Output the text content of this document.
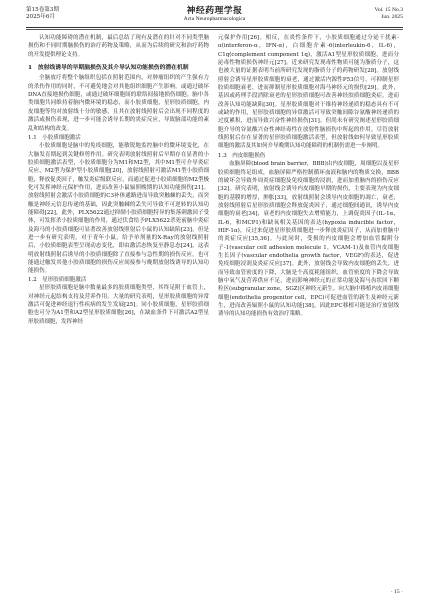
第15卷第3期
2025年6月
神经药理学报
Acta Neuropharmacologica
Vol. 15 No.3
Jun. 2025

认知功能障碍的潜在机制，最后总结了现有及潜在的针对不同类型脑损伤和不同时期脑损伤的治疗药物及策略，从而为后续的研究和治疗药物的开发提供理论支持。

1　放射线诱导的早期脑损伤及其介导认知功能损伤的潜在机制

全脑放疗将整个脑组织包括在照射范围内，对肿瘤组织的产生强有力的杀伤作用的同时，不可避免地会对其他组织细胞产生影响，或通过破坏DNA直接地损伤细胞，或通过破坏细胞间的联络间接地损伤细胞。脑中各类细胞共同维持着脑内微环境的稳态，而小胶质细胞，星形胶质细胞，内皮细胞等均对放射线十分的敏感，且其在放射线照射后会出现不同程度的激活或损伤表现，进一步可能会诱导长期的炎症反应，导致脑部功能的紊乱和结构的改变。

1.1　小胶质细胞激活

小胶质细胞是脑中的免疫细胞，能敏锐地监控脑中的微环境变化，在大脑发育期起到关键修剪作用。研究表明放射线照射后早期存在显著的小胶质细胞激活表型，小胶质细胞分为M1和M2型，其中M1型可介导炎症反应，M2型为保护型小胶质细胞[20]，放射线照射可激活M1型小胶质细胞，释放促炎因子，触发炎症级联反应，而通过促进小胶质细胞的M2型极化可发挥神经元保护作用，进而改善小鼠辐照晚期的认知功能损伤[21]。放射线照射会激活小胶质细胞的C3补体通路进而导致突触棘的丢失，而突触是神经元信息传递的基础，因此突触棘的丢失可导致不可逆转的认知功能障碍[22]，此外，PLX5622通过抑制小胶质细胞特异的集落刺激因子受体，可发挥杀小胶质细胞的作用，通过伏食给予PLX5622杀死前脑中炎症及海马的小胶质细胞可显著改善放射线照射后小鼠的认知缺陷[23]。但是进一步有研究表明，对于青年小鼠，给予单剂量的X-Ray的放射线照射后，小胶质细胞表型呈现动态变化，即由激活态恢复至静息态[24]，这表明放射线照射后诱导的小胶质细胞除了直接参与急性期的损伤反应，也可能通过触发其他小胶质细胞的损伤反应间接参与晚期放射线诱导的认知功能损伤。

1.2　星形胶质细胞激活

星形胶质细胞是脑中数量最多的胶质细胞类型，其终足附于血管上，对神经元起结构支持及营养作用。大量的研究表明，星形胶质细胞的异常激活可促进神经退行性疾病的发生发展[25]。同小胶质细胞，星形胶质细胞也可分为A1型和A2型星形胶质细胞[26]，在缺血条件下可激活A2型星形胶质细胞，发挥神经

元保护作用[26]。相反，在炎性条件下，小胶质细胞通过分泌干扰素-α(interferon-α，IFN-α)，白细胞介素-6(interleukin-6，IL-6)，C1q(complement component 1q)，激活A1型星形胶质细胞，进而分泌毒性物质损伤神经元[27]。近来研究发现毒性物质可能为脂质分子，这也被大量的证据表明当前所研究发现的脂质分子的药物研发[28]。放射线照射会诱导星形胶质细胞的衰老，通过激活内源性P53信号，可抑制星形胶质细胞衰老，进而抑制星形胶质细胞对海马神经元的损伤[29]。此外，基因或药理手段消除衰老的星形胶质细胞可改善神经胶质细胞炎症，进而改善认知功能缺陷[30]。星形胶质细胞对于维持神经递质的稳态具有不可或缺的作用，星形胶质细胞的异常激活可导致突触间隙谷氨酸神经递质的过度累积，进而导致兴奋性神经损伤[31]。但尚未有研究阐述星形胶质细胞介导的谷氨酸兴奋性神经毒性在放射性脑损伤中所起的作用。尽管放射线照射后存在显著的星形胶质细胞激活表型，但放射线如何导致星形胶质细胞的激活及其如何介导晚期认知功能障碍的机制仍需进一步阐明。

1.3　内皮细胞损伤

血脑屏障(blood brain barrier，BBB)由内皮细胞，周细胞以及星形胶质细胞终足组成，血脑屏障严格控制循环血液和脑内的物质交换，BBB的破坏会导致外周炎症细胞及免疫细胞的浸润，进而加重脑内的损伤反应[32]。研究表明，放射线会诱导内皮细胞早期的损伤，主要表现为内皮细胞的基膜的增厚，肿胀[33]，放射线照射会诱导内皮细胞的凋亡，衰老，放射线照射后星形胶质细胞会释放促炎因子，通过细胞间通讯，诱导内皮细胞的衰老[34]，衰老的内皮细胞失去增殖能力，上调促炎因子(IL-1α，IL-6，和MCP1)和缺氧相关基因的表达(hypoxia inducible factor，HIF-1α)，反过来促进星形胶质细胞进一步释放炎症因子，从而加重脑中的炎症反应[35,36]。与此同时，受损的内皮细胞会增加血管黏附分子-1(vascular cell adhesion molecule 1，VCAM-1)及血管内皮细胞生长因子(vascular endothelia growth factor，VEGF)的表达，促进免疫细胞浸润及炎症反应[37]。此外，放射线会导致内皮细胞的丢失，进而导致血管密度的下降，大脑是个高度耗能组织，血管密度的下降会导致脑中氧气及营养供应不足，进而影响神经元的正常功能及海马齿状回下颗粒区(subgranular zone，SGZ)区神经元新生。向大脑中移植内皮祖细胞细胞(endothelia progenitor cell，EPC)可促进血管的新生及神经元新生，进而改善辐照小鼠的认知功能[38]。因此EPC移植可能是治疗放射线诱导的认知功能损伤有效治疗策略。

· 15 ·
